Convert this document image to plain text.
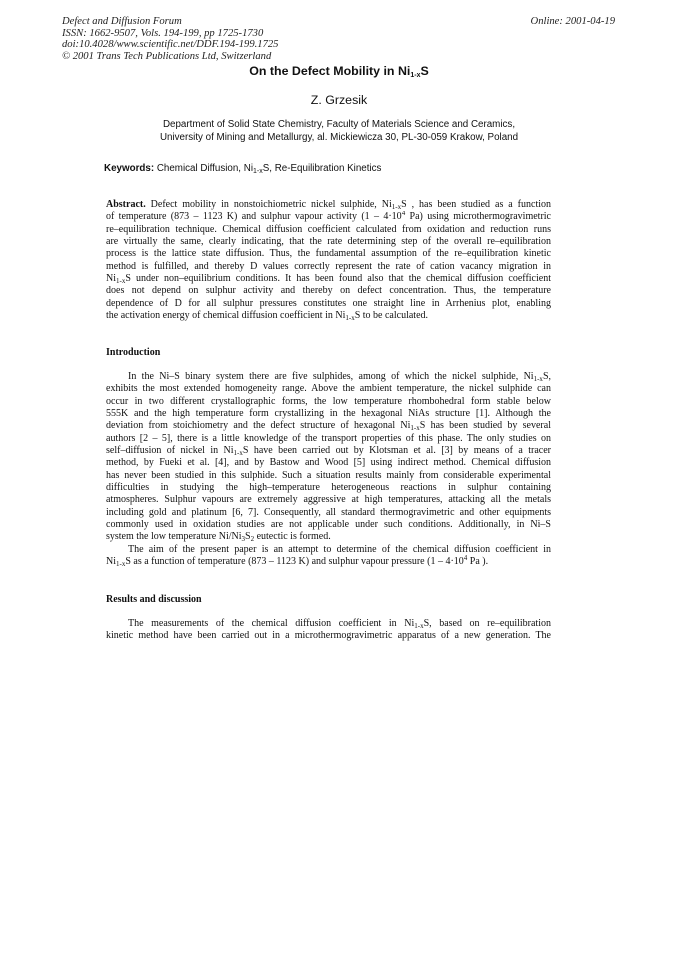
Defect and Diffusion Forum
ISSN: 1662-9507, Vols. 194-199, pp 1725-1730
doi:10.4028/www.scientific.net/DDF.194-199.1725
© 2001 Trans Tech Publications Ltd, Switzerland
Online: 2001-04-19
On the Defect Mobility in $Ni_{1-x}S$
Z. Grzesik
Department of Solid State Chemistry, Faculty of Materials Science and Ceramics,
University of Mining and Metallurgy, al. Mickiewicza 30, PL-30-059 Krakow, Poland
Keywords: Chemical Diffusion, $Ni_{1-x}S$, Re-Equilibration Kinetics
Abstract. Defect mobility in nonstoichiometric nickel sulphide, $Ni_{1-x}S$ , has been studied as a function
of temperature (873 – 1123 K) and sulphur vapour activity ($1 - 4\cdot 10^4$ Pa) using microthermogravimetric
re–equilibration technique. Chemical diffusion coefficient calculated from oxidation and reduction runs
are virtually the same, clearly indicating, that the rate determining step of the overall re–equilibration
process is the lattice state diffusion. Thus, the fundamental assumption of the re–equilibration kinetic
method is fulfilled, and thereby D̃ values correctly represent the rate of cation vacancy migration in
$Ni_{1-x}S$ under non–equilibrium conditions. It has been found also that the chemical diffusion coefficient
does not depend on sulphur activity and thereby on defect concentration. Thus, the temperature
dependence of D̃ for all sulphur pressures constitutes one straight line in Arrhenius plot, enabling
the activation energy of chemical diffusion coefficient in $Ni_{1-x}S$ to be calculated.
Introduction
In the Ni–S binary system there are five sulphides, among of which the nickel sulphide, $Ni_{1-x}S$,
exhibits the most extended homogeneity range. Above the ambient temperature, the nickel sulphide can
occur in two different crystallographic forms, the low temperature rhombohedral form stable below
555K and the high temperature form crystallizing in the hexagonal NiAs structure [1]. Although the
deviation from stoichiometry and the defect structure of hexagonal $Ni_{1-x}S$ has been studied by several
authors [2 – 5], there is a little knowledge of the transport properties of this phase. The only studies on
self–diffusion of nickel in $Ni_{1-x}S$ have been carried out by Klotsman et al. [3] by means of a tracer
method, by Fueki et al. [4], and by Bastow and Wood [5] using indirect method. Chemical diffusion
has never been studied in this sulphide. Such a situation results mainly from considerable experimental
difficulties in studying the high–temperature heterogeneous reactions in sulphur containing
atmospheres. Sulphur vapours are extremely aggressive at high temperatures, attacking all the metals
including gold and platinum [6, 7]. Consequently, all standard thermogravimetric and other equipments
commonly used in oxidation studies are not applicable under such conditions. Additionally, in Ni–S
system the low temperature $Ni/Ni_3S_2$ eutectic is formed.
The aim of the present paper is an attempt to determine of the chemical diffusion coefficient in
$Ni_{1-x}S$ as a function of temperature (873 – 1123 K) and sulphur vapour pressure ($1 - 4\cdot 10^4$ Pa ).
Results and discussion
The measurements of the chemical diffusion coefficient in $Ni_{1-x}S$, based on re–equilibration
kinetic method have been carried out in a microthermogravimetric apparatus of a new generation. The
